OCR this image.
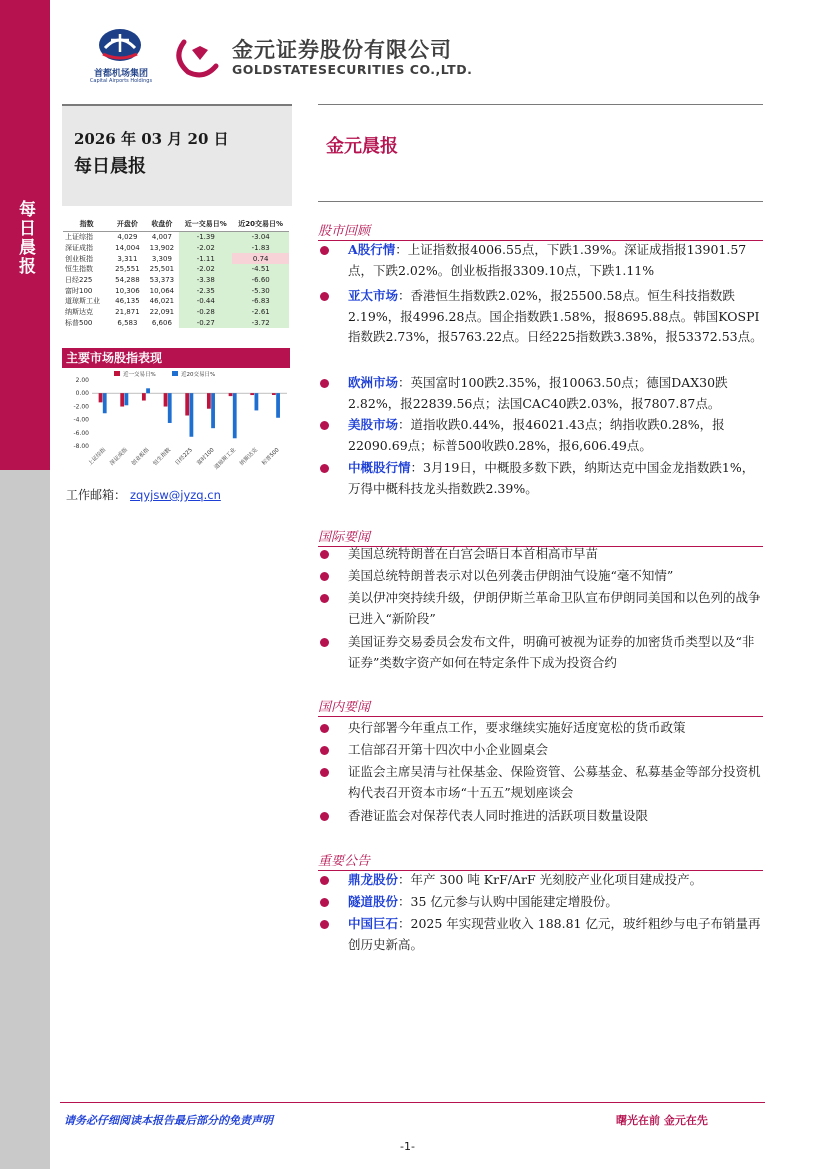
每日晨报
首都机场集团
Capital Airports Holdings
金元证券股份有限公司
GOLDSTATESECURITIES CO.,LTD.
2026 年 03 月 20 日
每日晨报
金元晨报
指数	开盘价	收盘价	近一交易日%	近20交易日%
上证综指	4,029	4,007	-1.39	-3.04
深证成指	14,004	13,902	-2.02	-1.83
创业板指	3,311	3,309	-1.11	0.74
恒生指数	25,551	25,501	-2.02	-4.51
日经225	54,288	53,373	-3.38	-6.60
富时100	10,306	10,064	-2.35	-5.30
道琼斯工业	46,135	46,021	-0.44	-6.83
纳斯达克	21,871	22,091	-0.28	-2.61
标普500	6,583	6,606	-0.27	-3.72
主要市场股指表现
近一交易日%	近20交易日%
2.00
0.00
-2.00
-4.00
-6.00
-8.00
上证综指 深证成指 创业板指 恒生指数 日经225 富时100
道琼斯工业 纳斯达克 标普500
工作邮箱： zqyjsw@jyzq.cn
股市回顾
A股行情：上证指数报4006.55点，下跌1.39%。深证成指报13901.57点，下跌2.02%。创业板指报3309.10点，下跌1.11%
亚太市场：香港恒生指数跌2.02%，报25500.58点。恒生科技指数跌2.19%，报4996.28点。国企指数跌1.58%，报8695.88点。韩国KOSPI指数跌2.73%，报5763.22点。日经225指数跌3.38%，报53372.53点。
欧洲市场：英国富时100跌2.35%，报10063.50点；德国DAX30跌2.82%，报22839.56点；法国CAC40跌2.03%，报7807.87点。
美股市场：道指收跌0.44%，报46021.43点；纳指收跌0.28%，报22090.69点；标普500收跌0.28%，报6,606.49点。
中概股行情：3月19日，中概股多数下跌，纳斯达克中国金龙指数跌1%，万得中概科技龙头指数跌2.39%。
国际要闻
美国总统特朗普在白宫会晤日本首相高市早苗
美国总统特朗普表示对以色列袭击伊朗油气设施“毫不知情”
美以伊冲突持续升级，伊朗伊斯兰革命卫队宣布伊朗同美国和以色列的战争已进入“新阶段”
美国证券交易委员会发布文件，明确可被视为证券的加密货币类型以及“非证券”类数字资产如何在特定条件下成为投资合约
国内要闻
央行部署今年重点工作，要求继续实施好适度宽松的货币政策
工信部召开第十四次中小企业圆桌会
证监会主席吴清与社保基金、保险资管、公募基金、私募基金等部分投资机构代表召开资本市场“十五五”规划座谈会
香港证监会对保荐代表人同时推进的活跃项目数量设限
重要公告
鼎龙股份：年产 300 吨 KrF/ArF 光刻胶产业化项目建成投产。
隧道股份：35 亿元参与认购中国能建定增股份。
中国巨石：2025 年实现营业收入 188.81 亿元，玻纤粗纱与电子布销量再创历史新高。
请务必仔细阅读本报告最后部分的免责声明	曙光在前 金元在先
-1-
